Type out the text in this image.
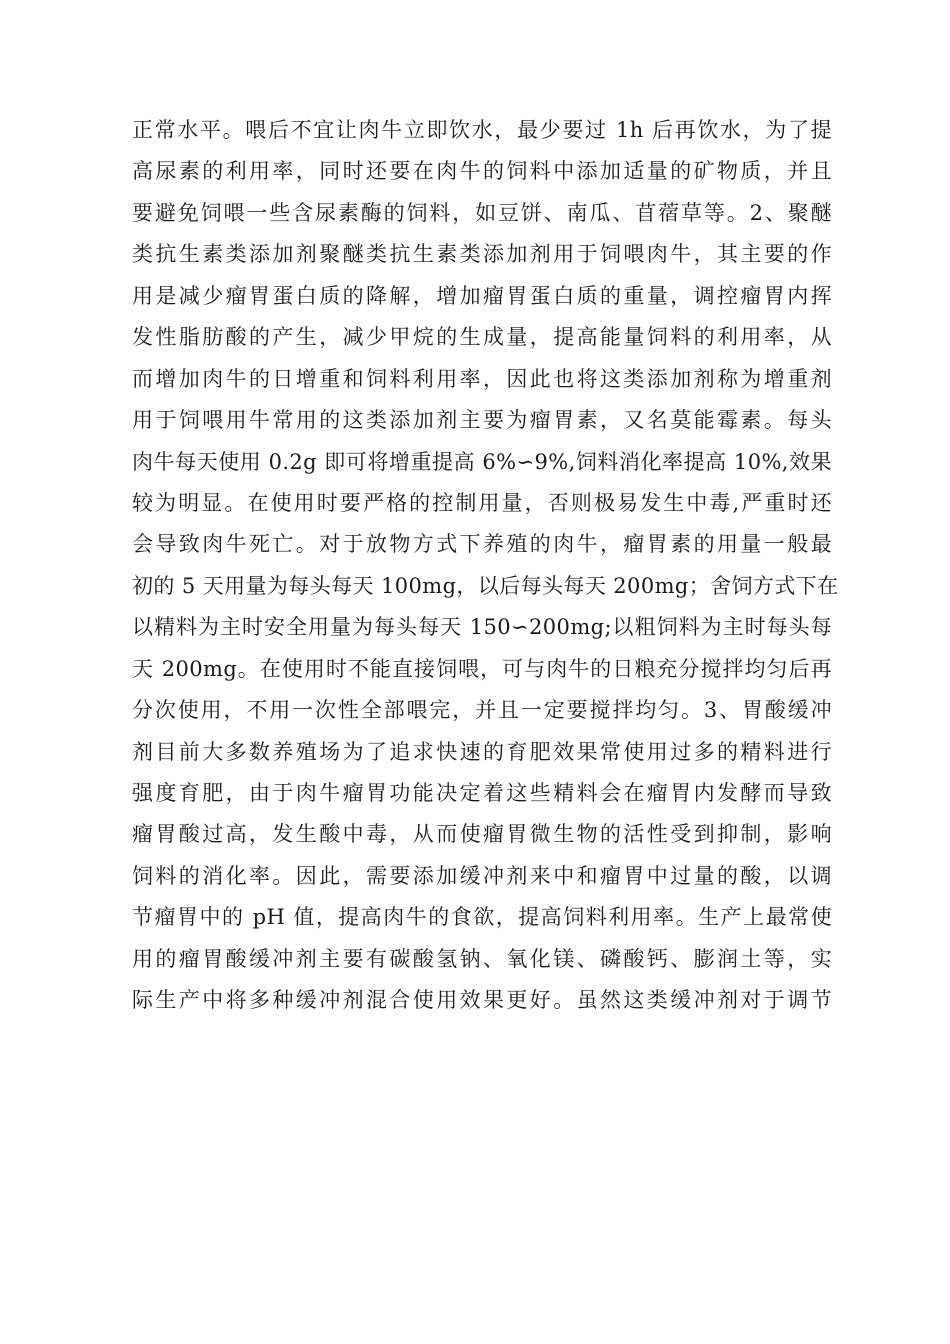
正常水平。喂后不宜让肉牛立即饮水，最少要过 1h 后再饮水，为了提
高尿素的利用率，同时还要在肉牛的饲料中添加适量的矿物质，并且
要避免饲喂一些含尿素酶的饲料，如豆饼、南瓜、苜蓿草等。2、聚醚
类抗生素类添加剂聚醚类抗生素类添加剂用于饲喂肉牛，其主要的作
用是减少瘤胃蛋白质的降解，增加瘤胃蛋白质的重量，调控瘤胃内挥
发性脂肪酸的产生，减少甲烷的生成量，提高能量饲料的利用率，从
而增加肉牛的日增重和饲料利用率，因此也将这类添加剂称为增重剂
用于饲喂用牛常用的这类添加剂主要为瘤胃素，又名莫能霉素。每头
肉牛每天使用 0.2g 即可将增重提高 6%∽9%,饲料消化率提高 10%,效果
较为明显。在使用时要严格的控制用量，否则极易发生中毒,严重时还
会导致肉牛死亡。对于放物方式下养殖的肉牛，瘤胃素的用量一般最
初的 5 天用量为每头每天 100mg，以后每头每天 200mg；舍饲方式下在
以精料为主时安全用量为每头每天 150∽200mg;以粗饲料为主时每头每
天 200mg。在使用时不能直接饲喂，可与肉牛的日粮充分搅拌均匀后再
分次使用，不用一次性全部喂完，并且一定要搅拌均匀。3、胃酸缓冲
剂目前大多数养殖场为了追求快速的育肥效果常使用过多的精料进行
强度育肥，由于肉牛瘤胃功能决定着这些精料会在瘤胃内发酵而导致
瘤胃酸过高，发生酸中毒，从而使瘤胃微生物的活性受到抑制，影响
饲料的消化率。因此，需要添加缓冲剂来中和瘤胃中过量的酸，以调
节瘤胃中的 pH 值，提高肉牛的食欲，提高饲料利用率。生产上最常使
用的瘤胃酸缓冲剂主要有碳酸氢钠、氧化镁、磷酸钙、膨润土等，实
际生产中将多种缓冲剂混合使用效果更好。虽然这类缓冲剂对于调节
